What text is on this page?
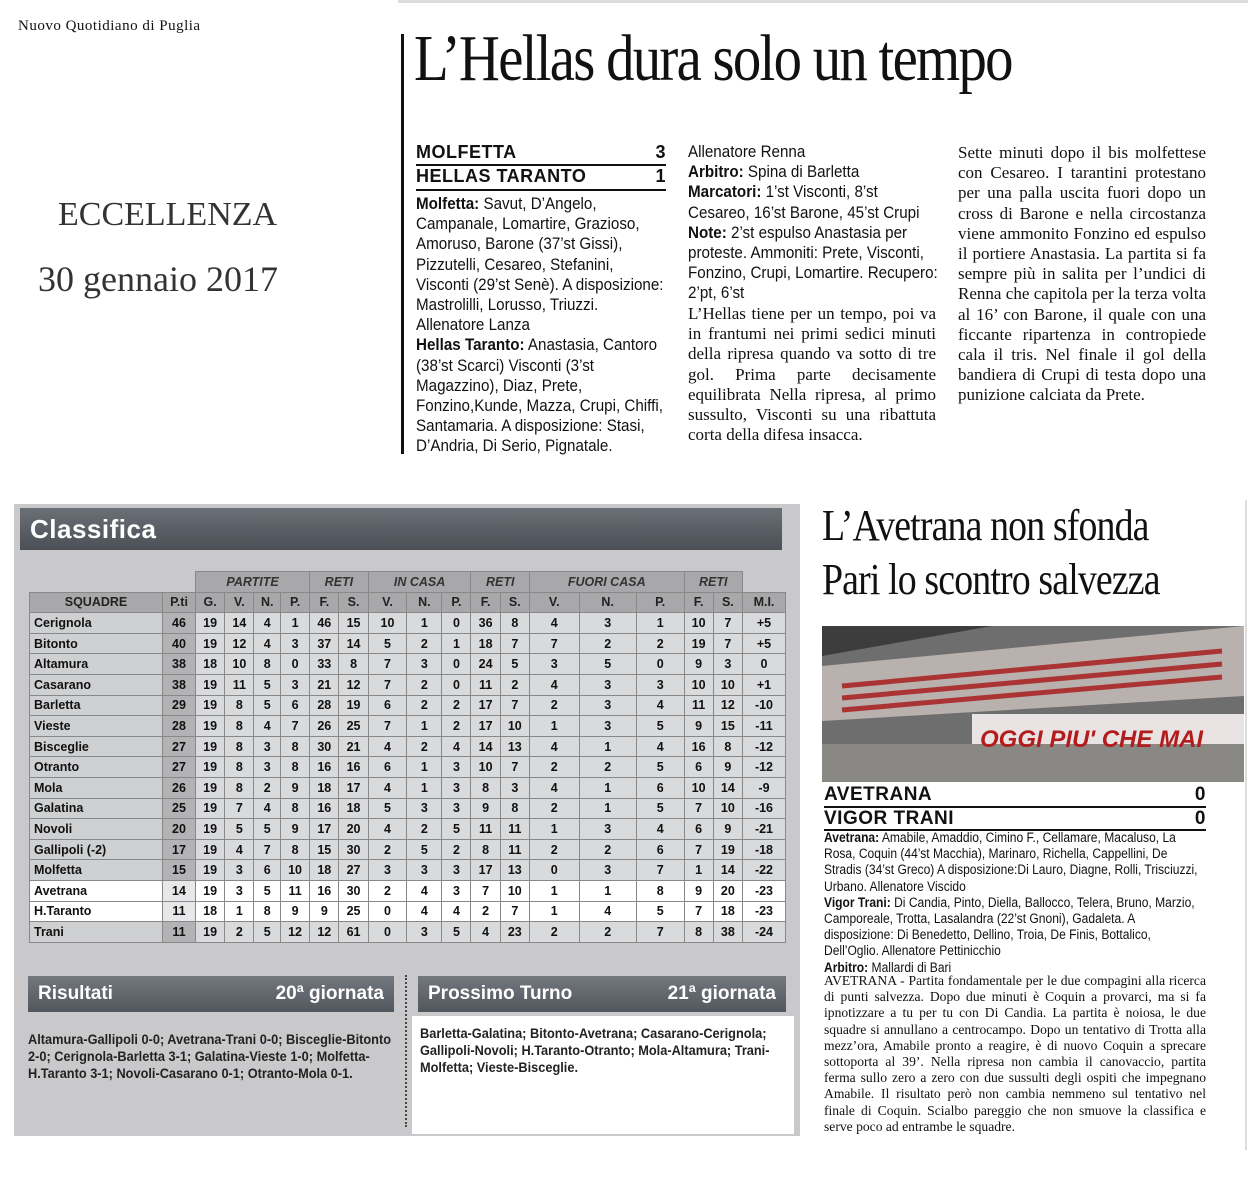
Nuovo Quotidiano di Puglia
ECCELLENZA
30 gennaio 2017
L’Hellas dura solo un tempo
MOLFETTA	3
HELLAS TARANTO	1

Molfetta: Savut, D’Angelo, Campanale, Lomartire, Grazioso, Amoruso, Barone (37’st Gissi), Pizzutelli, Cesareo, Stefanini, Visconti (29’st Senè). A disposizione: Mastrolilli, Lorusso, Triuzzi. Allenatore Lanza

Hellas Taranto: Anastasia, Cantoro (38’st Scarci) Visconti (3’st Magazzino), Diaz, Prete, Fonzino,Kunde, Mazza, Crupi, Chiffi, Santamaria. A disposizione: Stasi, D’Andria, Di Serio, Pignatale.

Allenatore Renna

Arbitro: Spina di Barletta

Marcatori: 1’st Visconti, 8’st Cesareo, 16’st Barone, 45’st Crupi

Note: 2’st espulso Anastasia per proteste. Ammoniti: Prete, Visconti, Fonzino, Crupi, Lomartire. Recupero: 2’pt, 6’st

L’Hellas tiene per un tempo, poi va in frantumi nei primi sedici minuti della ripresa quando va sotto di tre gol. Prima parte decisamente equilibrata Nella ripresa, al primo sussulto, Visconti su una ribattuta corta della difesa insacca.
Sette minuti dopo il bis molfettese con Cesareo. I tarantini protestano per una palla uscita fuori dopo un cross di Barone e nella circostanza viene ammonito Fonzino ed espulso il portiere Anastasia. La partita si fa sempre più in salita per l’undici di Renna che capitola per la terza volta al 16’ con Barone, il quale con una ficcante ripartenza in contropiede cala il tris. Nel finale il gol della bandiera di Crupi di testa dopo una punizione calciata da Prete.
Classifica
		PARTITE				RETI		IN CASA			RETI		FUORI CASA			RETI		
SQUADRE	P.ti	G.	V.	N.	P.	F.	S.	V.	N.	P.	F.	S.	V.	N.	P.	F.	S.	M.I.
Cerignola	46	19	14	4	1	46	15	10	1	0	36	8	4	3	1	10	7	+5
Bitonto	40	19	12	4	3	37	14	5	2	1	18	7	7	2	2	19	7	+5
Altamura	38	18	10	8	0	33	8	7	3	0	24	5	3	5	0	9	3	0
Casarano	38	19	11	5	3	21	12	7	2	0	11	2	4	3	3	10	10	+1
Barletta	29	19	8	5	6	28	19	6	2	2	17	7	2	3	4	11	12	-10
Vieste	28	19	8	4	7	26	25	7	1	2	17	10	1	3	5	9	15	-11
Bisceglie	27	19	8	3	8	30	21	4	2	4	14	13	4	1	4	16	8	-12
Otranto	27	19	8	3	8	16	16	6	1	3	10	7	2	2	5	6	9	-12
Mola	26	19	8	2	9	18	17	4	1	3	8	3	4	1	6	10	14	-9
Galatina	25	19	7	4	8	16	18	5	3	3	9	8	2	1	5	7	10	-16
Novoli	20	19	5	5	9	17	20	4	2	5	11	11	1	3	4	6	9	-21
Gallipoli (-2)	17	19	4	7	8	15	30	2	5	2	8	11	2	2	6	7	19	-18
Molfetta	15	19	3	6	10	18	27	3	3	3	17	13	0	3	7	1	14	-22
Avetrana	14	19	3	5	11	16	30	2	4	3	7	10	1	1	8	9	20	-23
H.Taranto	11	18	1	8	9	9	25	0	4	4	2	7	1	4	5	7	18	-23
Trani	11	19	2	5	12	12	61	0	3	5	4	23	2	2	7	8	38	-24
Risultati	20ª giornata
Altamura-Gallipoli 0-0; Avetrana-Trani 0-0; Bisceglie-Bitonto 2-0; Cerignola-Barletta 3-1; Galatina-Vieste 1-0; Molfetta-H.Taranto 3-1; Novoli-Casarano 0-1; Otranto-Mola 0-1.
Prossimo Turno	21ª giornata
Barletta-Galatina; Bitonto-Avetrana; Casarano-Cerignola; Gallipoli-Novoli; H.Taranto-Otranto; Mola-Altamura; Trani-Molfetta; Vieste-Bisceglie.
L’Avetrana non sfonda
Pari lo scontro salvezza
OGGI PIU' CHE MAI
AVETRANA	0
VIGOR TRANI	0

Avetrana: Amabile, Amaddio, Cimino F., Cellamare, Macaluso, La Rosa, Coquin (44’st Macchia), Marinaro, Richella, Cappellini, De Stradis (34’st Greco) A disposizione:Di Lauro, Diagne, Rolli, Trisciuzzi, Urbano. Allenatore Viscido

Vigor Trani: Di Candia, Pinto, Diella, Ballocco, Telera, Bruno, Marzio, Camporeale, Trotta, Lasalandra (22’st Gnoni), Gadaleta. A disposizione: Di Benedetto, Dellino, Troia, De Finis, Bottalico, Dell’Oglio. Allenatore Pettinicchio

Arbitro: Mallardi di Bari

AVETRANA - Partita fondamentale per le due compagini alla ricerca di punti salvezza. Dopo due minuti è Coquin a provarci, ma si fa ipnotizzare a tu per tu con Di Candia. La partita è noiosa, le due squadre si annullano a centrocampo. Dopo un tentativo di Trotta alla mezz’ora, Amabile pronto a reagire, è di nuovo Coquin a sprecare sottoporta al 39’. Nella ripresa non cambia il canovaccio, partita ferma sullo zero a zero con due sussulti degli ospiti che impegnano Amabile. Il risultato però non cambia nemmeno sul tentativo nel finale di Coquin. Scialbo pareggio che non smuove la classifica e serve poco ad entrambe le squadre.
